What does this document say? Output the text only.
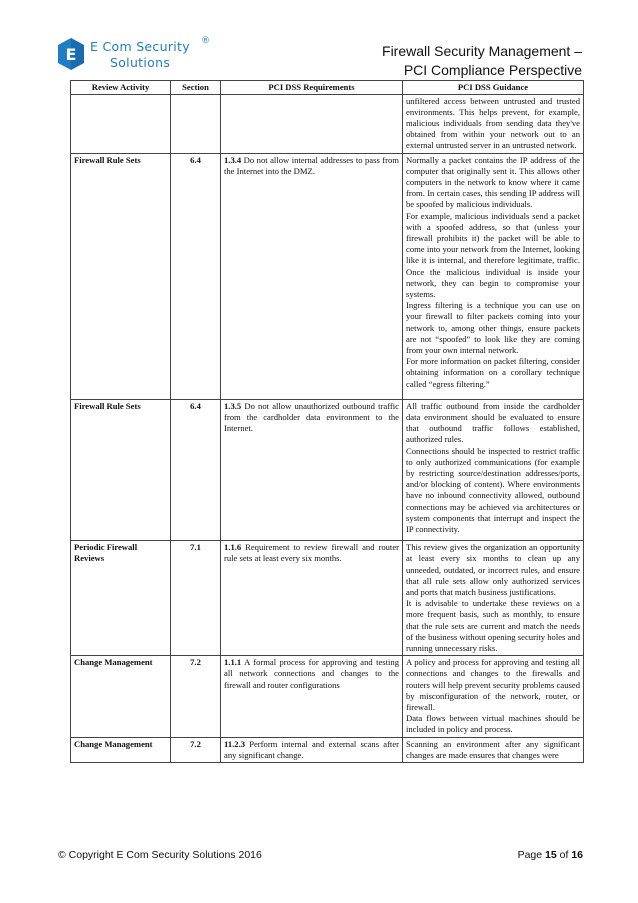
E E Com Security ®
Solutions
Firewall Security Management –
PCI Compliance Perspective
Review Activity	Section	PCI DSS Requirements	PCI DSS Guidance

			unfiltered access between untrusted and trusted environments. This helps prevent, for example, malicious individuals from sending data they've obtained from within your network out to an external untrusted server in an untrusted network.

Firewall Rule Sets	6.4	1.3.4 Do not allow internal addresses to pass from the Internet into the DMZ.	Normally a packet contains the IP address of the computer that originally sent it. This allows other computers in the network to know where it came from. In certain cases, this sending IP address will be spoofed by malicious individuals.

For example, malicious individuals send a packet with a spoofed address, so that (unless your firewall prohibits it) the packet will be able to come into your network from the Internet, looking like it is internal, and therefore legitimate, traffic. Once the malicious individual is inside your network, they can begin to compromise your systems.

Ingress filtering is a technique you can use on your firewall to filter packets coming into your network to, among other things, ensure packets are not “spoofed” to look like they are coming from your own internal network.

For more information on packet filtering, consider obtaining information on a corollary technique called “egress filtering.”

Firewall Rule Sets	6.4	1.3.5 Do not allow unauthorized outbound traffic from the cardholder data environment to the Internet.	All traffic outbound from inside the cardholder data environment should be evaluated to ensure that outbound traffic follows established, authorized rules.

Connections should be inspected to restrict traffic to only authorized communications (for example by restricting source/destination addresses/ports, and/or blocking of content). Where environments have no inbound connectivity allowed, outbound connections may be achieved via architectures or system components that interrupt and inspect the IP connectivity.

Periodic Firewall Reviews	7.1	1.1.6 Requirement to review firewall and router rule sets at least every six months.	This review gives the organization an opportunity at least every six months to clean up any unneeded, outdated, or incorrect rules, and ensure that all rule sets allow only authorized services and ports that match business justifications.

It is advisable to undertake these reviews on a more frequent basis, such as monthly, to ensure that the rule sets are current and match the needs of the business without opening security holes and running unnecessary risks.

Change Management	7.2	1.1.1 A formal process for approving and testing all network connections and changes to the firewall and router configurations	A policy and process for approving and testing all connections and changes to the firewalls and routers will help prevent security problems caused by misconfiguration of the network, router, or firewall.

Data flows between virtual machines should be included in policy and process.

Change Management	7.2	11.2.3 Perform internal and external scans after any significant change.	Scanning an environment after any significant changes are made ensures that changes were

© Copyright E Com Security Solutions 2016	Page 15 of 16
